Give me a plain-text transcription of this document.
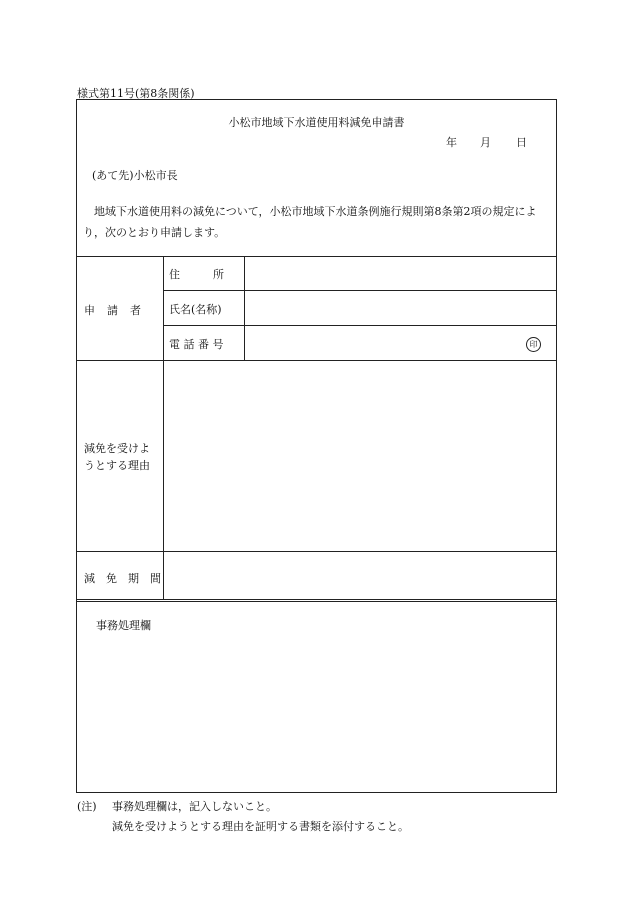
様式第11号(第8条関係)
小松市地域下水道使用料減免申請書
年 月 日
(あて先)小松市長
地域下水道使用料の減免について，小松市地域下水道条例施行規則第8条第2項の規定により，次のとおり申請します。
申　請　者
住　　　所
氏名(名称)
電 話 番 号	印
減免を受けようとする理由
減　免　期　間
事務処理欄
(注) 事務処理欄は，記入しないこと。
減免を受けようとする理由を証明する書類を添付すること。
